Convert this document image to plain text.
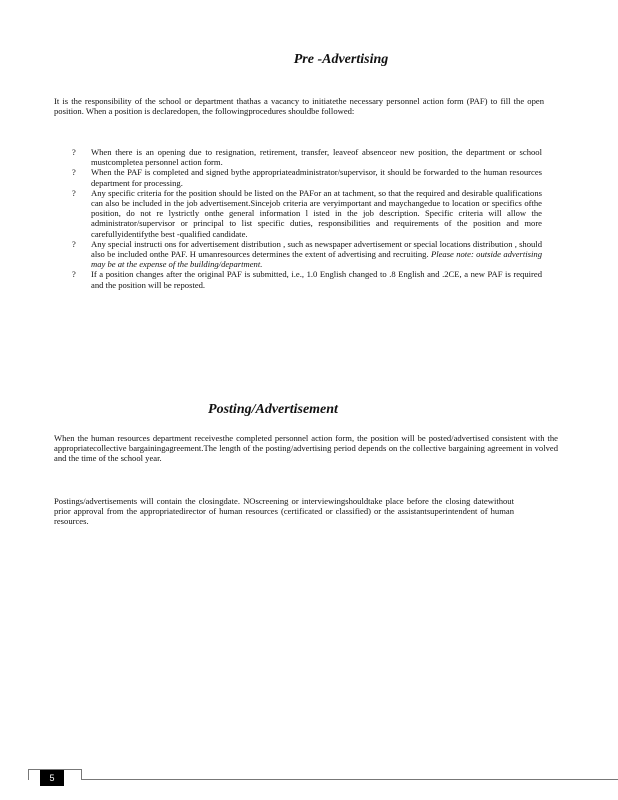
Pre -Advertising

It is the responsibility of the school or department thathas a vacancy to initiatethe necessary personnel action form (PAF) to fill the open position. When a position is declaredopen, the followingprocedures shouldbe followed:

? When there is an opening due to resignation, retirement, transfer, leaveof absenceor new position, the department or school mustcompletea personnel action form.
? When the PAF is completed and signed bythe appropriateadministrator/supervisor, it should be forwarded to the human resources department for processing.
? Any specific criteria for the position should be listed on the PAFor an at tachment, so that the required and desirable qualifications can also be included in the job advertisement.Sincejob criteria are veryimportant and maychangedue to location or specifics ofthe position, do not re lystrictly onthe general information l isted in the job description. Specific criteria will allow the administrator/supervisor or principal to list specific duties, responsibilities and requirements of the position and more carefullyidentifythe best -qualified candidate.
? Any special instructi ons for advertisement distribution , such as newspaper advertisement or special locations distribution , should also be included onthe PAF. H umanresources determines the extent of advertising and recruiting. Please note: outside advertising may be at the expense of the building/department.
? If a position changes after the original PAF is submitted, i.e., 1.0 English changed to .8 English and .2CE, a new PAF is required and the position will be reposted.
Posting/Advertisement

When the human resources department receivesthe completed personnel action form, the position will be posted/advertised consistent with the appropriatecollective bargainingagreement.The length of the posting/advertising period depends on the collective bargaining agreement in volved and the time of the school year.

Postings/advertisements will contain the closingdate. NOscreening or interviewingshouldtake place before the closing datewithout prior approval from the appropriatedirector of human resources (certificated or classified) or the assistantsuperintendent of human resources.

5
